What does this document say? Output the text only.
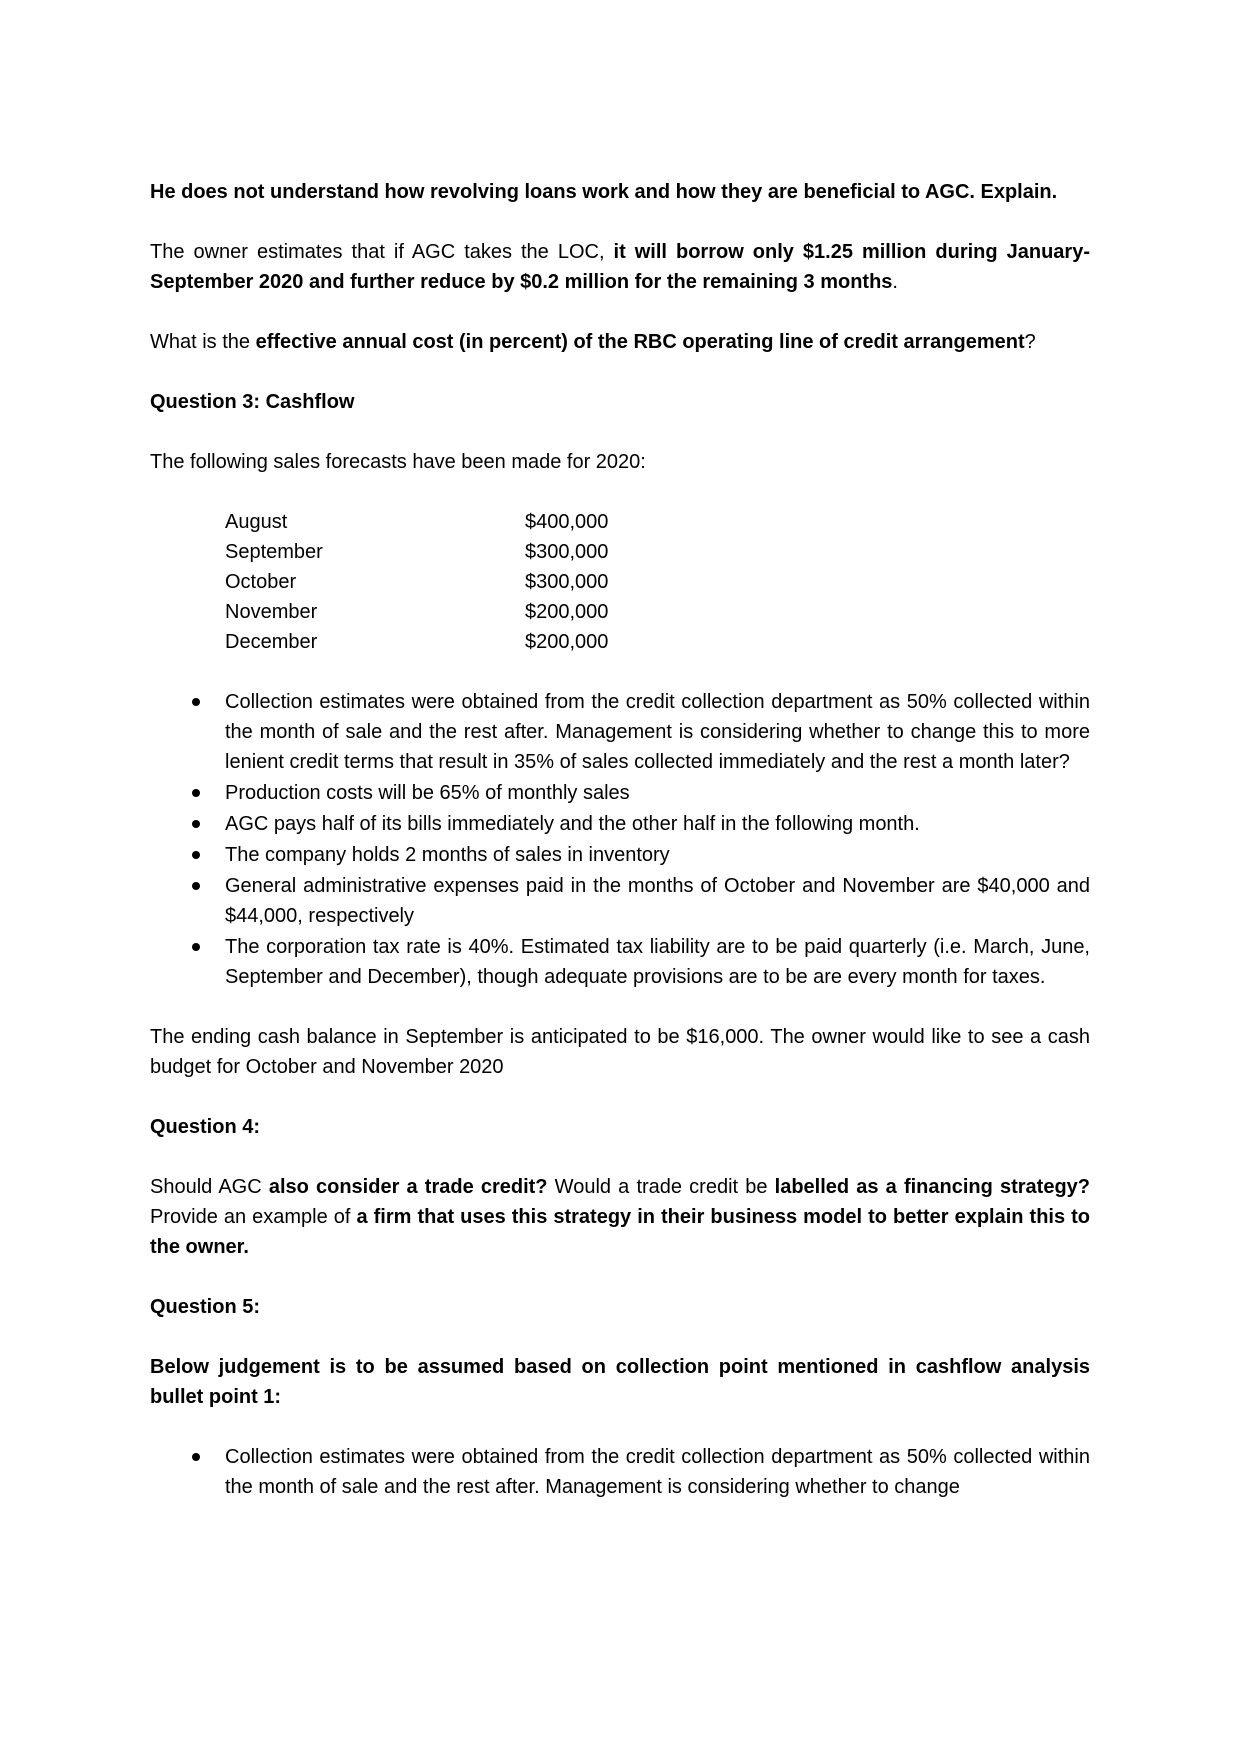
He does not understand how revolving loans work and how they are beneficial to AGC. Explain.

The owner estimates that if AGC takes the LOC, it will borrow only $1.25 million during January-September 2020 and further reduce by $0.2 million for the remaining 3 months.

What is the effective annual cost (in percent) of the RBC operating line of credit arrangement?

Question 3: Cashflow

The following sales forecasts have been made for 2020:

August	$400,000
September	$300,000
October	$300,000
November	$200,000
December	$200,000
Collection estimates were obtained from the credit collection department as 50% collected within the month of sale and the rest after. Management is considering whether to change this to more lenient credit terms that result in 35% of sales collected immediately and the rest a month later?
Production costs will be 65% of monthly sales
AGC pays half of its bills immediately and the other half in the following month.
The company holds 2 months of sales in inventory
General administrative expenses paid in the months of October and November are $40,000 and $44,000, respectively
The corporation tax rate is 40%. Estimated tax liability are to be paid quarterly (i.e. March, June, September and December), though adequate provisions are to be are every month for taxes.

The ending cash balance in September is anticipated to be $16,000. The owner would like to see a cash budget for October and November 2020

Question 4:

Should AGC also consider a trade credit? Would a trade credit be labelled as a financing strategy? Provide an example of a firm that uses this strategy in their business model to better explain this to the owner.

Question 5:

Below judgement is to be assumed based on collection point mentioned in cashflow analysis bullet point 1:

Collection estimates were obtained from the credit collection department as 50% collected within the month of sale and the rest after. Management is considering whether to change
